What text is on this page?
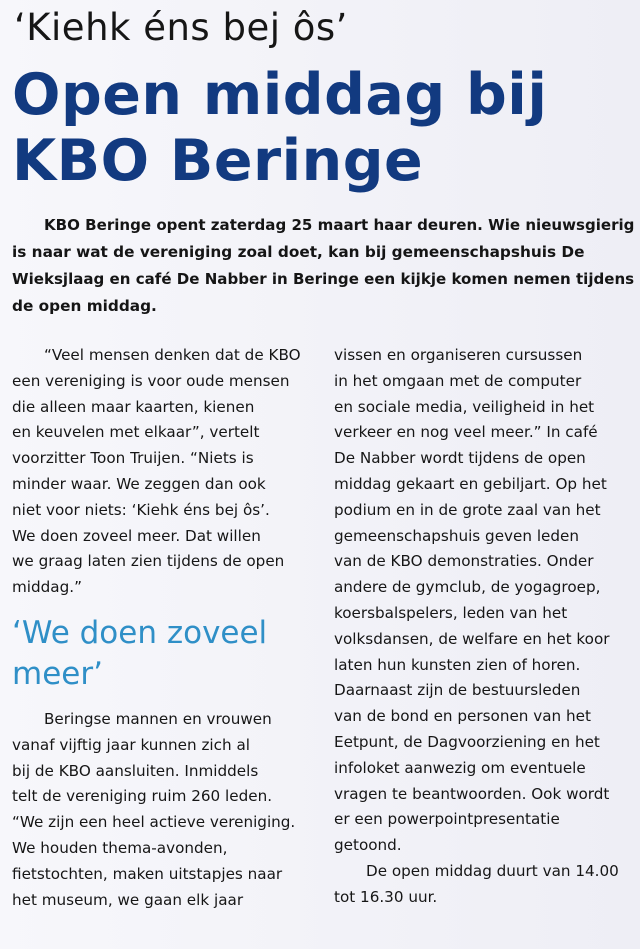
‘Kiehk éns bej ôs’
Open middag bij
KBO Beringe
KBO Beringe opent zaterdag 25 maart haar deuren. Wie nieuwsgierig
is naar wat de vereniging zoal doet, kan bij gemeenschapshuis De
Wieksjlaag en café De Nabber in Beringe een kijkje komen nemen tijdens
de open middag.

“Veel mensen denken dat de KBO
een vereniging is voor oude mensen
die alleen maar kaarten, kienen
en keuvelen met elkaar”, vertelt
voorzitter Toon Truijen. “Niets is
minder waar. We zeggen dan ook
niet voor niets: ‘Kiehk éns bej ôs’.
We doen zoveel meer. Dat willen
we graag laten zien tijdens de open
middag.”

‘We doen zoveel
meer’

Beringse mannen en vrouwen
vanaf vijftig jaar kunnen zich al
bij de KBO aansluiten. Inmiddels
telt de vereniging ruim 260 leden.
“We zijn een heel actieve vereniging.
We houden thema-avonden,
fietstochten, maken uitstapjes naar
het museum, we gaan elk jaar

vissen en organiseren cursussen
in het omgaan met de computer
en sociale media, veiligheid in het
verkeer en nog veel meer.” In café
De Nabber wordt tijdens de open
middag gekaart en gebiljart. Op het
podium en in de grote zaal van het
gemeenschapshuis geven leden
van de KBO demonstraties. Onder
andere de gymclub, de yogagroep,
koersbalspelers, leden van het
volksdansen, de welfare en het koor
laten hun kunsten zien of horen.
Daarnaast zijn de bestuursleden
van de bond en personen van het
Eetpunt, de Dagvoorziening en het
infoloket aanwezig om eventuele
vragen te beantwoorden. Ook wordt
er een powerpointpresentatie
getoond.

De open middag duurt van 14.00
tot 16.30 uur.
